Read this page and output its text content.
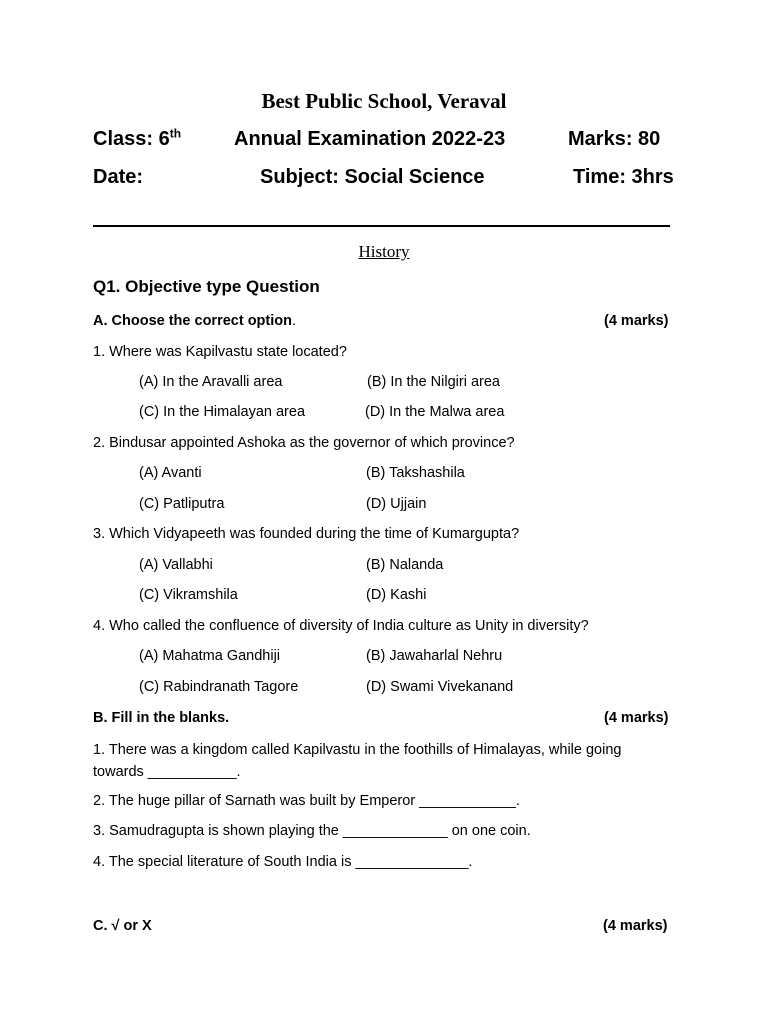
Best Public School, Veraval
Class: 6th	Annual Examination 2022-23	Marks: 80
Date:	Subject: Social Science	Time: 3hrs
History
Q1. Objective type Question
A. Choose the correct option.	(4 marks)
1. Where was Kapilvastu state located?
(A) In the Aravalli area	(B) In the Nilgiri area
(C) In the Himalayan area	(D) In the Malwa area
2. Bindusar appointed Ashoka as the governor of which province?
(A) Avanti	(B) Takshashila
(C) Patliputra	(D) Ujjain
3. Which Vidyapeeth was founded during the time of Kumargupta?
(A) Vallabhi	(B) Nalanda
(C) Vikramshila	(D) Kashi
4. Who called the confluence of diversity of India culture as Unity in diversity?
(A) Mahatma Gandhiji	(B) Jawaharlal Nehru
(C) Rabindranath Tagore	(D) Swami Vivekanand
B. Fill in the blanks.	(4 marks)
1. There was a kingdom called Kapilvastu in the foothills of Himalayas, while going towards ___________.
2. The huge pillar of Sarnath was built by Emperor ____________.
3. Samudragupta is shown playing the _____________ on one coin.
4. The special literature of South India is ______________.
C. √ or X	(4 marks)
